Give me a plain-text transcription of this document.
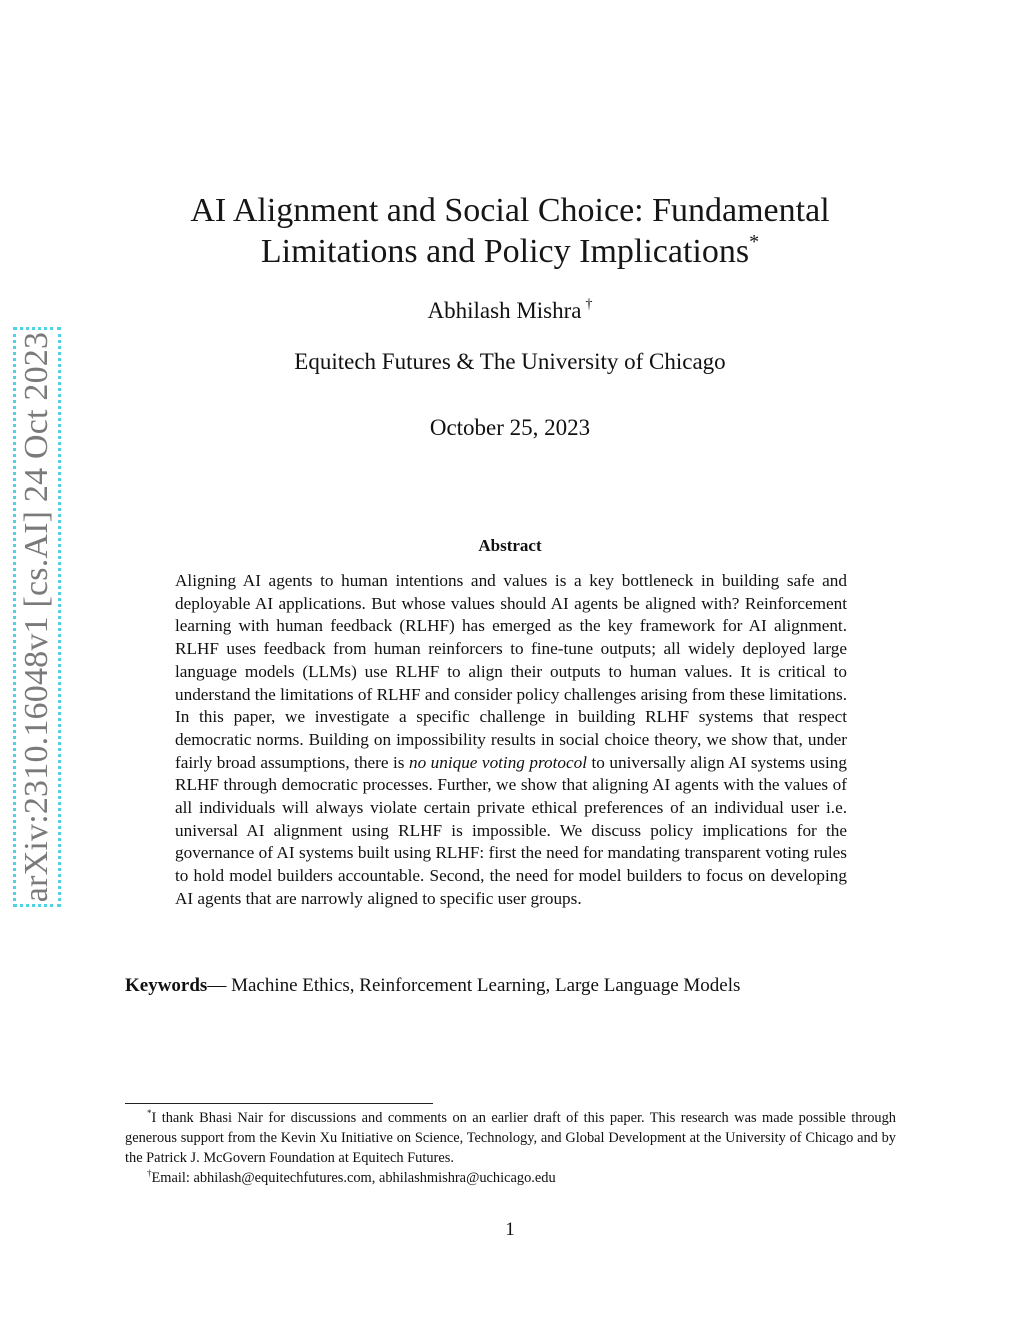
arXiv:2310.16048v1 [cs.AI] 24 Oct 2023
AI Alignment and Social Choice: Fundamental
Limitations and Policy Implications*
Abhilash Mishra †
Equitech Futures & The University of Chicago
October 25, 2023
Abstract
Aligning AI agents to human intentions and values is a key bottleneck in building safe and deployable AI applications. But whose values should AI agents be aligned with? Reinforcement learning with human feedback (RLHF) has emerged as the key framework for AI alignment. RLHF uses feedback from human reinforcers to fine-tune outputs; all widely deployed large language models (LLMs) use RLHF to align their outputs to human values. It is critical to understand the limitations of RLHF and consider policy challenges arising from these limitations. In this paper, we investigate a specific challenge in building RLHF systems that respect democratic norms. Building on impossibility results in social choice theory, we show that, under fairly broad assumptions, there is no unique voting protocol to universally align AI systems using RLHF through democratic processes. Further, we show that aligning AI agents with the values of all individuals will always violate certain private ethical preferences of an individual user i.e. universal AI alignment using RLHF is impossible. We discuss policy implications for the governance of AI systems built using RLHF: first the need for mandating transparent voting rules to hold model builders accountable. Second, the need for model builders to focus on developing AI agents that are narrowly aligned to specific user groups.
Keywords— Machine Ethics, Reinforcement Learning, Large Language Models

*I thank Bhasi Nair for discussions and comments on an earlier draft of this paper. This research was made possible through generous support from the Kevin Xu Initiative on Science, Technology, and Global Development at the University of Chicago and by the Patrick J. McGovern Foundation at Equitech Futures.

†Email: abhilash@equitechfutures.com, abhilashmishra@uchicago.edu

1
